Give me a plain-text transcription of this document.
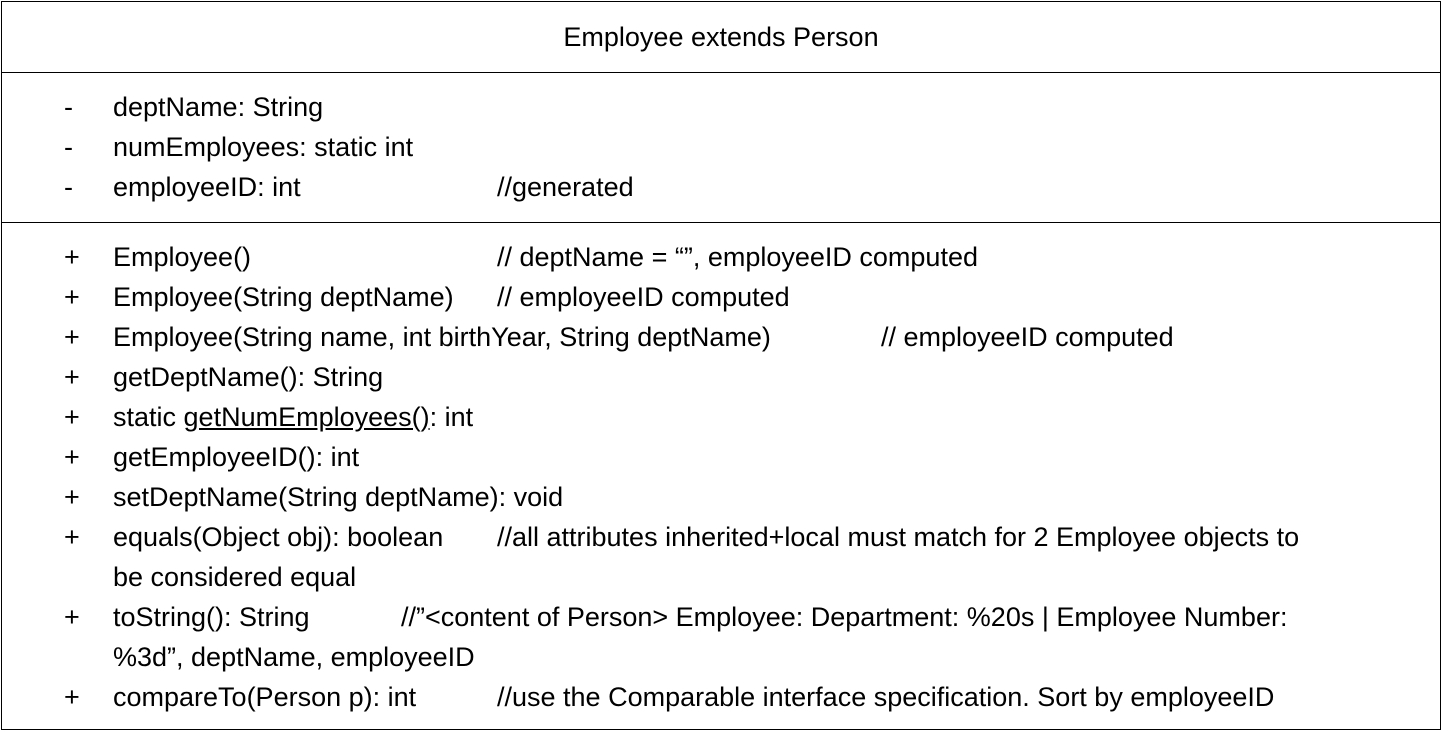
Employee extends Person
-	deptName: String
-	numEmployees: static int
-	employeeID: int	//generated
+ Employee()	// deptName = “”, employeeID computed
+ Employee(String deptName) // employeeID computed
+ Employee(String name, int birthYear, String deptName)	// employeeID computed
+ getDeptName(): String
+ static getNumEmployees(): int
+ getEmployeeID(): int
+ setDeptName(String deptName): void
+ equals(Object obj): boolean //all attributes inherited+local must match for 2 Employee objects to
be considered equal
+ toString(): String	//”<content of Person> Employee: Department: %20s | Employee Number:
%3d”, deptName, employeeID
+ compareTo(Person p): int	//use the Comparable interface specification. Sort by employeeID
